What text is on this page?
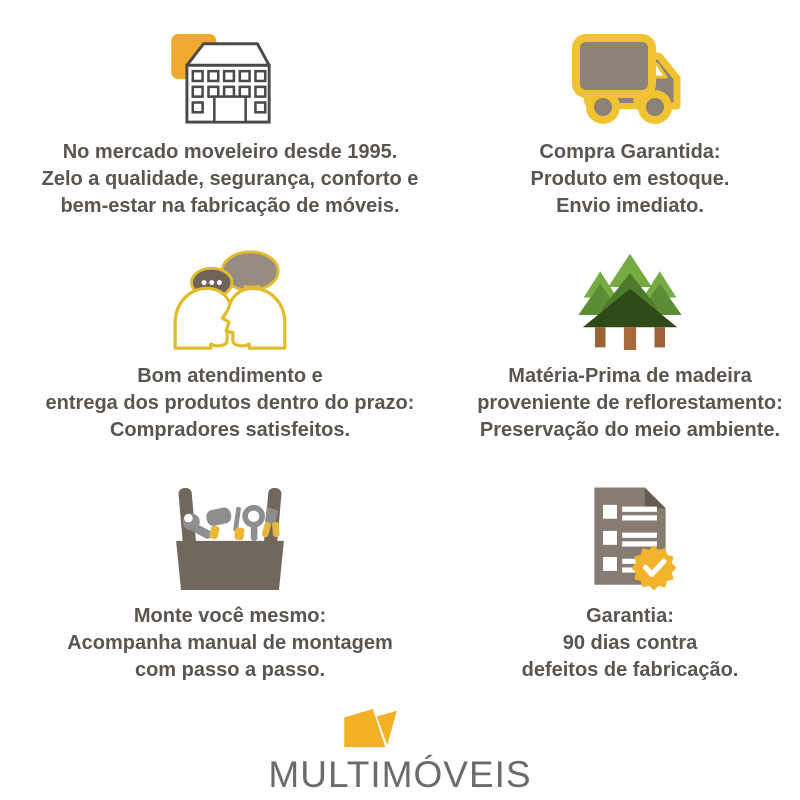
No mercado moveleiro desde 1995.

Zelo a qualidade, segurança, conforto e

bem-estar na fabricação de móveis.

Compra Garantida:

Produto em estoque.

Envio imediato.

Bom atendimento e

entrega dos produtos dentro do prazo:

Compradores satisfeitos.

Matéria-Prima de madeira

proveniente de reflorestamento:

Preservação do meio ambiente.

Monte você mesmo:

Acompanha manual de montagem

com passo a passo.

Garantia:

90 dias contra

defeitos de fabricação.

MULTIMÓVEIS
